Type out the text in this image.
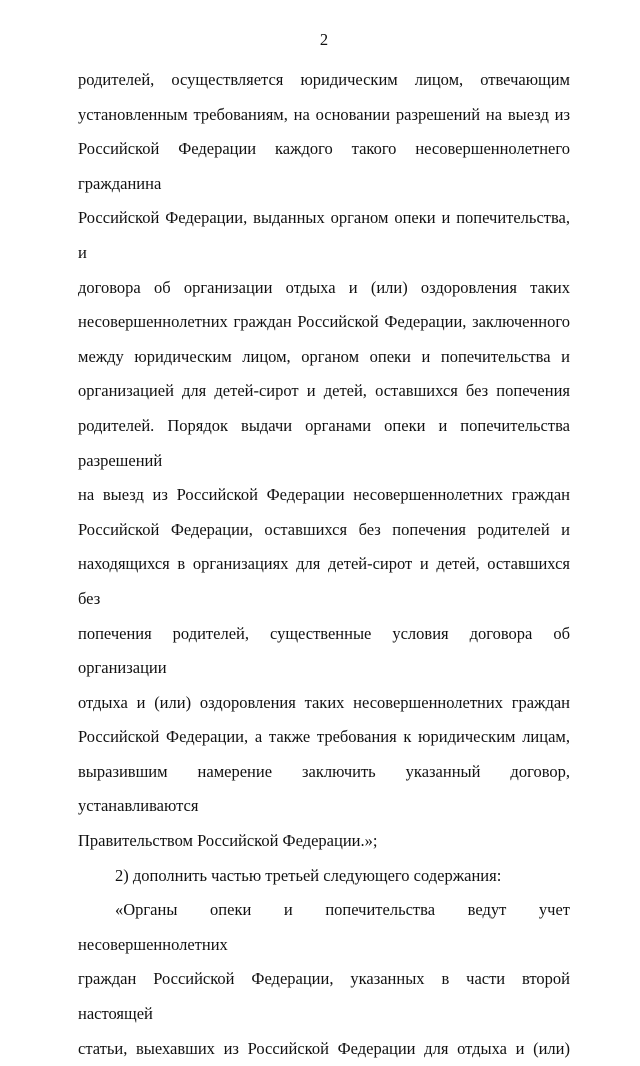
2
родителей, осуществляется юридическим лицом, отвечающим
установленным требованиям, на основании разрешений на выезд из
Российской Федерации каждого такого несовершеннолетнего гражданина
Российской Федерации, выданных органом опеки и попечительства, и
договора об организации отдыха и (или) оздоровления таких
несовершеннолетних граждан Российской Федерации, заключенного
между юридическим лицом, органом опеки и попечительства и
организацией для детей-сирот и детей, оставшихся без попечения
родителей. Порядок выдачи органами опеки и попечительства разрешений
на выезд из Российской Федерации несовершеннолетних граждан
Российской Федерации, оставшихся без попечения родителей и
находящихся в организациях для детей-сирот и детей, оставшихся без
попечения родителей, существенные условия договора об организации
отдыха и (или) оздоровления таких несовершеннолетних граждан
Российской Федерации, а также требования к юридическим лицам,
выразившим намерение заключить указанный договор, устанавливаются
Правительством Российской Федерации.»;
2) дополнить частью третьей следующего содержания:
«Органы опеки и попечительства ведут учет несовершеннолетних
граждан Российской Федерации, указанных в части второй настоящей
статьи, выехавших из Российской Федерации для отдыха и (или)
